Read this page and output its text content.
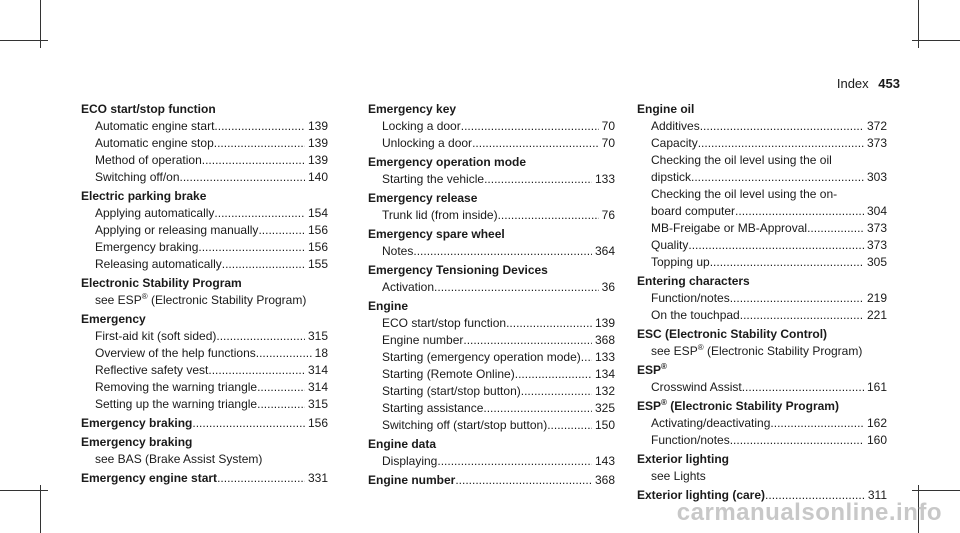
Index 453
ECO start/stop function
Automatic engine start .....	139
Automatic engine stop .....	139
Method of operation .....	139
Switching off/on .....	140
Electric parking brake
Applying automatically .....	154
Applying or releasing manually .....	156
Emergency braking .....	156
Releasing automatically .....	155
Electronic Stability Program
see ESP® (Electronic Stability Program)
Emergency
First-aid kit (soft sided) .....	315
Overview of the help functions .....	18
Reflective safety vest .....	314
Removing the warning triangle .....	314
Setting up the warning triangle .....	315
Emergency braking .....	156
Emergency braking
see BAS (Brake Assist System)
Emergency engine start .....	331
Emergency key
Locking a door .....	70
Unlocking a door .....	70
Emergency operation mode
Starting the vehicle .....	133
Emergency release
Trunk lid (from inside) .....	76
Emergency spare wheel
Notes .....	364
Emergency Tensioning Devices
Activation .....	36
Engine
ECO start/stop function .....	139
Engine number .....	368
Starting (emergency operation mode) ..... 133
Starting (Remote Online) .....	134
Starting (start/stop button) .....	132
Starting assistance .....	325
Switching off (start/stop button) .....	150
Engine data
Displaying .....	143
Engine number .....	368
Engine oil
Additives .....	372
Capacity .....	373
Checking the oil level using the oil
dipstick .....	303
Checking the oil level using the on-
board computer .....	304
MB-Freigabe or MB-Approval .....	373
Quality .....	373
Topping up .....	305
Entering characters
Function/notes .....	219
On the touchpad .....	221
ESC (Electronic Stability Control)
see ESP® (Electronic Stability Program)
ESP®
Crosswind Assist .....	161
ESP® (Electronic Stability Program)
Activating/deactivating .....	162
Function/notes .....	160
Exterior lighting
see Lights
Exterior lighting (care) .....	311
carmanualsonline.info
